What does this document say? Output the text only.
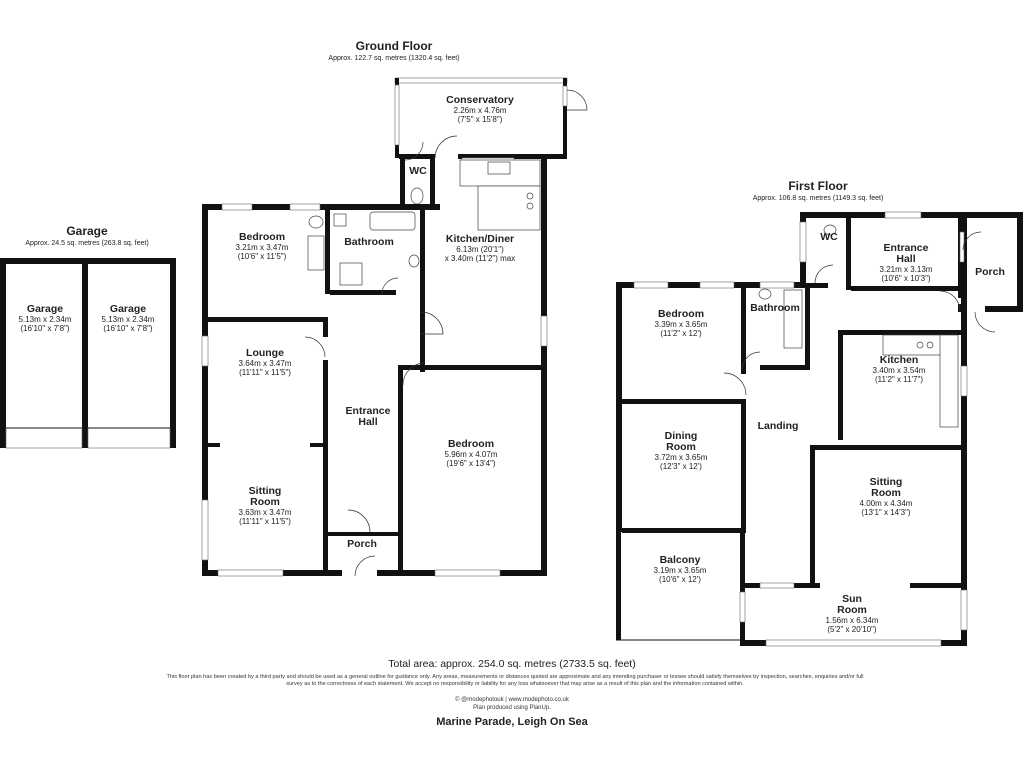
Ground Floor
Approx. 122.7 sq. metres (1320.4 sq. feet)
Garage
Approx. 24.5 sq. metres (263.8 sq. feet)
First Floor
Approx. 106.8 sq. metres (1149.3 sq. feet)
Garage
5.13m x 2.34m
(16'10" x 7'8")
Garage
5.13m x 2.34m
(16'10" x 7'8")
Conservatory
2.26m x 4.76m
(7'5" x 15'8")
WC
Bedroom
3.21m x 3.47m
(10'6" x 11'5")
Bathroom	Kitchen/Diner
6.13m (20'1")
x 3.40m (11'2") max
Lounge
3.64m x 3.47m
(11'11" x 11'5")
Entrance
Hall
Bedroom
5.96m x 4.07m
(19'6" x 13'4")
Sitting
Room
3.63m x 3.47m
(11'11" x 11'5")
Porch
WC
Entrance
Hall
3.21m x 3.13m
(10'6" x 10'3")
Porch
Bedroom
3.39m x 3.65m
(11'2" x 12')
Bathroom
Kitchen
3.40m x 3.54m
(11'2" x 11'7")
Landing
Dining
Room
3.72m x 3.65m
(12'3" x 12')
Sitting
Room
4.00m x 4.34m
(13'1" x 14'3")
Balcony
3.19m x 3.65m
(10'6" x 12')
Sun
Room
1.56m x 6.34m
(5'2" x 20'10")
Total area: approx. 254.0 sq. metres (2733.5 sq. feet)
This floor plan has been created by a third party and should be used as a general outline for guidance only. Any areas, measurements or distances quoted are approximate and any intending purchaser or lessee should satisfy themselves by inspection, searches, enquiries and/or full survey as to the correctness of each statement. We accept no responsibility or liability for any loss whatsoever that may arise as a result of this plan and the information contained within.
© @modephotouk | www.modephoto.co.uk
Plan produced using PlanUp.
Marine Parade, Leigh On Sea
